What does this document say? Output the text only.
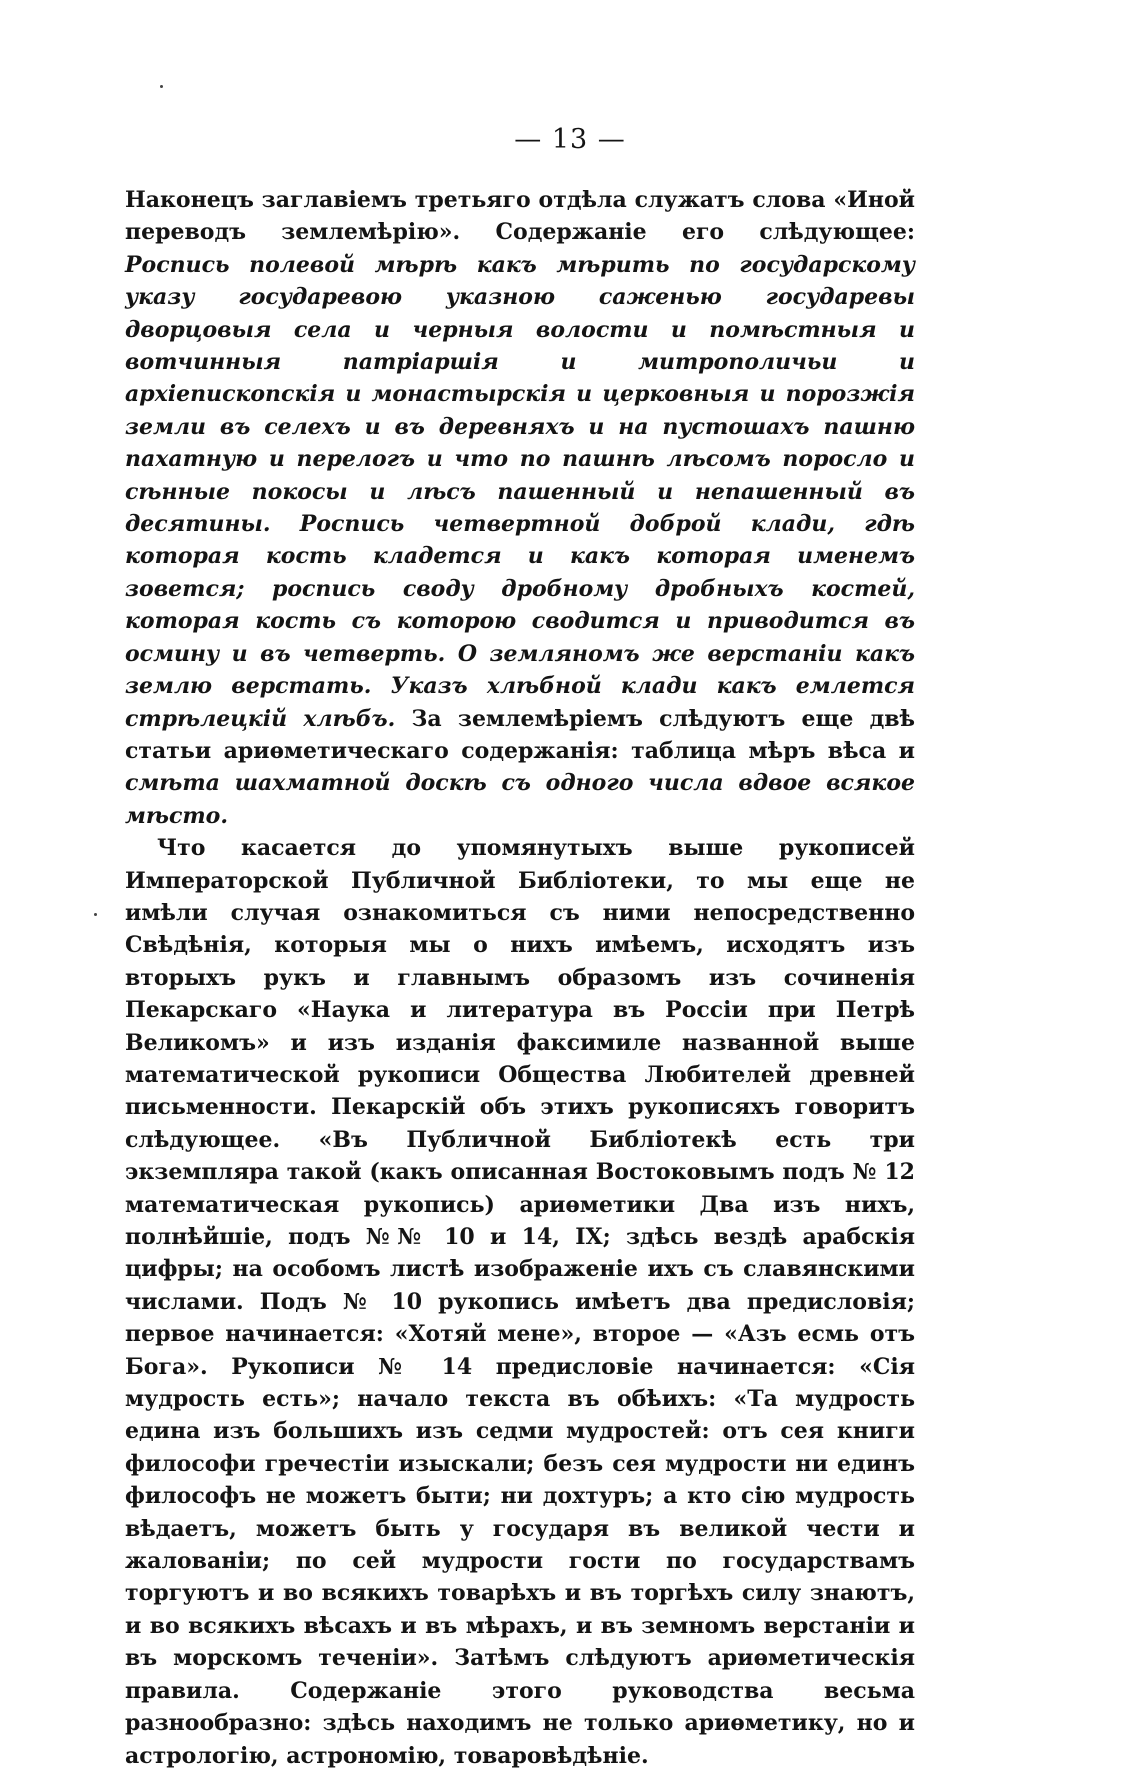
— 13 —

Наконецъ заглавіемъ третьяго отдѣла служатъ слова «Иной переводъ землемѣрію». Содержаніе его слѣдующее: Роспись полевой мѣрѣ какъ мѣрить по государскому указу государевою указною саженью государевы дворцовыя села и черныя волости и помѣстныя и вотчинныя патріаршія и митрополичьи и архіепископскія и монастырскія и церковныя и порозжія земли въ селехъ и въ деревняхъ и на пустошахъ пашню пахатную и перелогъ и что по пашнѣ лѣсомъ поросло и сѣнные покосы и лѣсъ пашенный и непашенный въ десятины. Роспись четвертной доброй клади, гдѣ которая кость кладется и какъ которая именемъ зовется; роспись своду дробному дробныхъ костей, которая кость съ которою сводится и приводится въ осмину и въ четверть. О земляномъ же верстаніи какъ землю верстать. Указъ хлѣбной клади какъ емлется стрѣлецкій хлѣбъ. За землемѣріемъ слѣдуютъ еще двѣ статьи ариѳметическаго содержанія: таблица мѣръ вѣса и смѣта шахматной доскѣ съ одного числа вдвое всякое мѣсто.

Что касается до упомянутыхъ выше рукописей Императорской Публичной Библіотеки, то мы еще не имѣли случая ознакомиться съ ними непосредственно Свѣдѣнія, которыя мы о нихъ имѣемъ, исходятъ изъ вторыхъ рукъ и главнымъ образомъ изъ сочиненія Пекарскаго «Наука и литература въ Россіи при Петрѣ Великомъ» и изъ изданія факсимиле названной выше математической рукописи Общества Любителей древней письменности. Пекарскій объ этихъ рукописяхъ говоритъ слѣдующее. «Въ Публичной Библіотекѣ есть три экземпляра такой (какъ описанная Востоковымъ подъ № 12 математическая рукопись) ариѳметики Два изъ нихъ, полнѣйшіе, подъ №№ 10 и 14, IX; здѣсь вездѣ арабскія цифры; на особомъ листѣ изображеніе ихъ съ славянскими числами. Подъ № 10 рукопись имѣетъ два предисловія; первое начинается: «Хотяй мене», второе — «Азъ есмь отъ Бога». Рукописи № 14 предисловіе начинается: «Сія мудрость есть»; начало текста въ обѣихъ: «Та мудрость едина изъ большихъ изъ седми мудростей: отъ сея книги философи гречестіи изыскали; безъ сея мудрости ни единъ философъ не можетъ быти; ни дохтуръ; а кто сію мудрость вѣдаетъ, можетъ быть у государя въ великой чести и жалованіи; по сей мудрости гости по государствамъ торгуютъ и во всякихъ товарѣхъ и въ торгѣхъ силу знаютъ, и во всякихъ вѣсахъ и въ мѣрахъ, и въ земномъ верстаніи и въ морскомъ теченіи». Затѣмъ слѣдуютъ ариѳметическія правила. Содержаніе этого руководства весьма разнообразно: здѣсь находимъ не только ариѳметику, но и астрологію, астрономію, товаровѣдѣніе.
